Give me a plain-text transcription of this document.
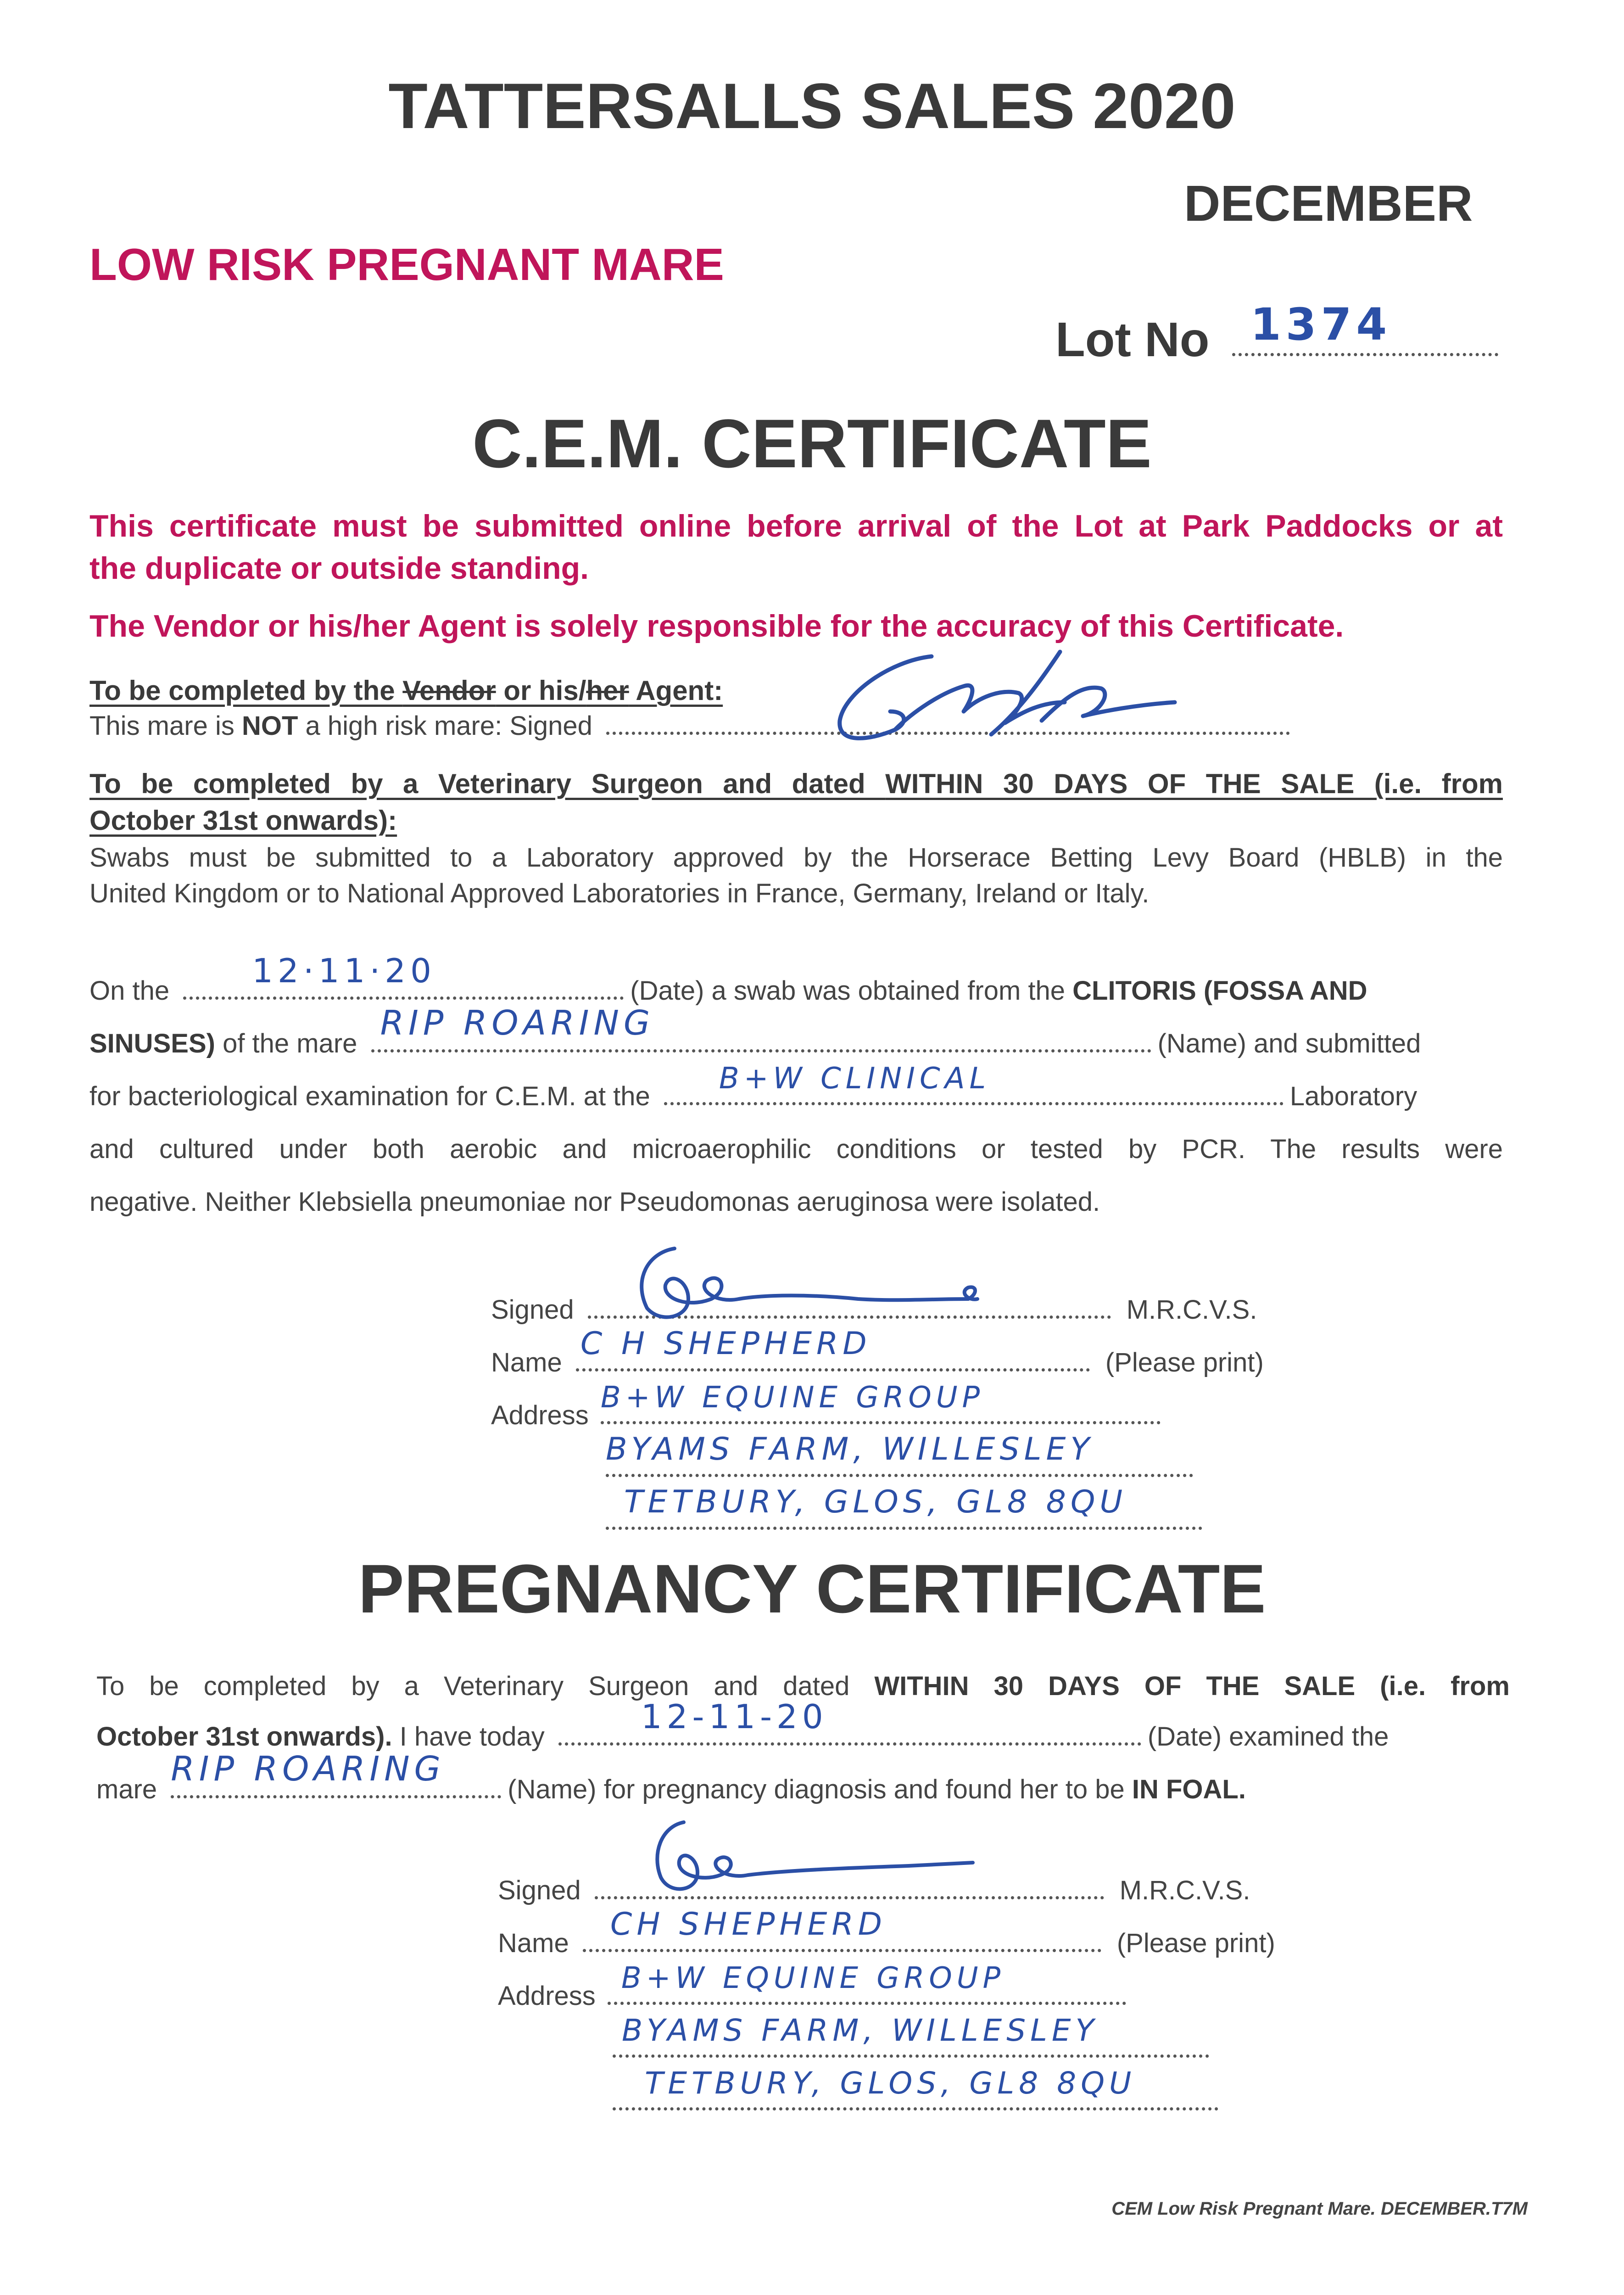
TATTERSALLS SALES 2020
DECEMBER
LOW RISK PREGNANT MARE
Lot No 1374
C.E.M. CERTIFICATE
This certificate must be submitted online before arrival of the Lot at Park Paddocks or at
the duplicate or outside standing.
The Vendor or his/her Agent is solely responsible for the accuracy of this Certificate.
To be completed by the Vendor or his/her Agent:
This mare is NOT a high risk mare: Signed
To be completed by a Veterinary Surgeon and dated WITHIN 30 DAYS OF THE SALE (i.e. from
October 31st onwards):
Swabs must be submitted to a Laboratory approved by the Horserace Betting Levy Board (HBLB) in the
United Kingdom or to National Approved Laboratories in France, Germany, Ireland or Italy.
On the
12·11·20
(Date) a swab was obtained from the CLITORIS (FOSSA AND
SINUSES) of the mare
RIP ROARING
(Name) and submitted
for bacteriological examination for C.E.M. at the
B+W CLINICAL
Laboratory
and cultured under both aerobic and microaerophilic conditions or tested by PCR. The results were
negative. Neither Klebsiella pneumoniae nor Pseudomonas aeruginosa were isolated.
Signed	M.R.C.V.S.
Name
C H SHEPHERD
(Please print)
Address
B+W EQUINE GROUP
BYAMS FARM, WILLESLEY
TETBURY, GLOS, GL8 8QU
PREGNANCY CERTIFICATE
To be completed by a Veterinary Surgeon and dated WITHIN 30 DAYS OF THE SALE (i.e. from
October 31st onwards). I have today
12-11-20
(Date) examined the
mare
RIP ROARING
(Name) for pregnancy diagnosis and found her to be IN FOAL.
Signed	M.R.C.V.S.
Name
CH SHEPHERD
(Please print)
Address
B+W EQUINE GROUP
BYAMS FARM, WILLESLEY
TETBURY, GLOS, GL8 8QU
CEM Low Risk Pregnant Mare. DECEMBER.T7M
